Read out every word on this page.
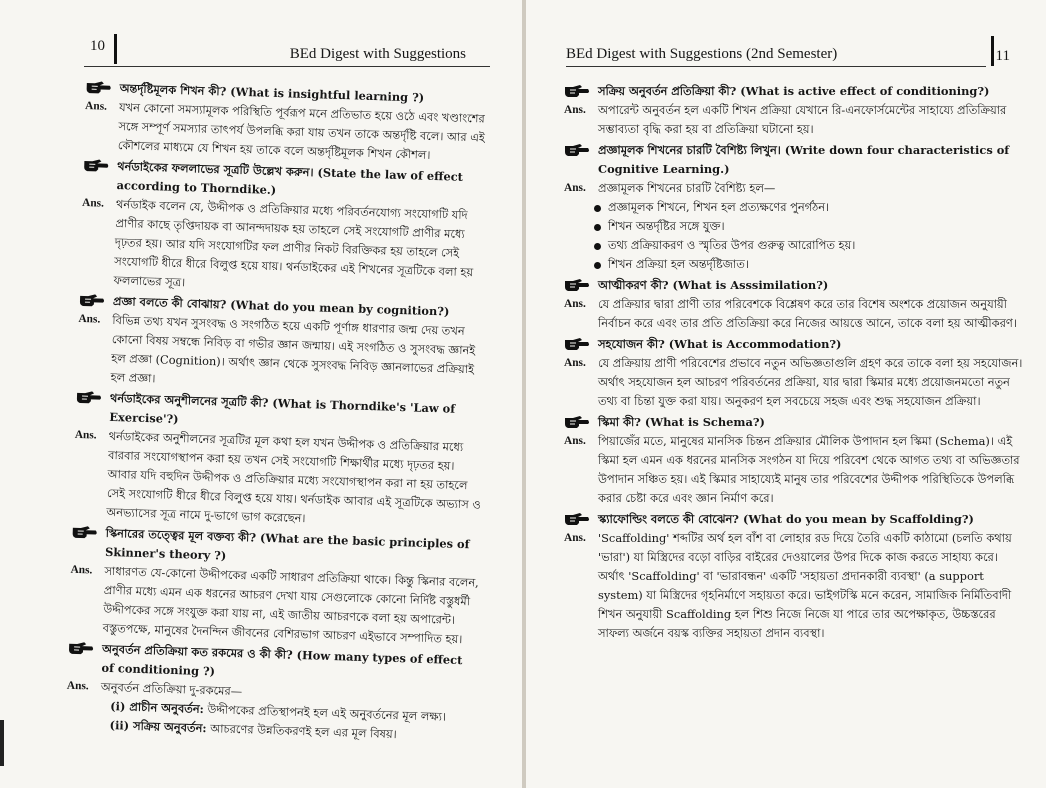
10	BEd Digest with Suggestions
অন্তর্দৃষ্টিমূলক শিখন কী? (What is insightful learning ?)
Ans. যখন কোনো সমস্যামূলক পরিস্থিতি পূর্বরূপ মনে প্রতিভাত হয়ে ওঠে এবং খণ্ডাংশের সঙ্গে সম্পূর্ণ সমস্যার তাৎপর্য উপলব্ধি করা যায় তখন তাকে অন্তর্দৃষ্টি বলে। আর এই কৌশলের মাধ্যমে যে শিখন হয় তাকে বলে অন্তর্দৃষ্টিমূলক শিখন কৌশল।
থর্নডাইকের ফললাভের সূত্রটি উল্লেখ করুন। (State the law of effect according to Thorndike.)
Ans. থর্নডাইক বলেন যে, উদ্দীপক ও প্রতিক্রিয়ার মধ্যে পরিবর্তনযোগ্য সংযোগটি যদি প্রাণীর কাছে তৃপ্তিদায়ক বা আনন্দদায়ক হয় তাহলে সেই সংযোগটি প্রাণীর মধ্যে দৃঢ়তর হয়। আর যদি সংযোগটির ফল প্রাণীর নিকট বিরক্তিকর হয় তাহলে সেই সংযোগটি ধীরে ধীরে বিলুপ্ত হয়ে যায়। থর্নডাইকের এই শিখনের সূত্রটিকে বলা হয় ফললাভের সূত্র।
প্রজ্ঞা বলতে কী বোঝায়? (What do you mean by cognition?)
Ans. বিভিন্ন তথ্য যখন সুসংবদ্ধ ও সংগঠিত হয়ে একটি পূর্ণাঙ্গ ধারণার জন্ম দেয় তখন কোনো বিষয় সম্বন্ধে নিবিড় বা গভীর জ্ঞান জন্মায়। এই সংগঠিত ও সুসংবদ্ধ জ্ঞানই হল প্রজ্ঞা (Cognition)। অর্থাৎ জ্ঞান থেকে সুসংবদ্ধ নিবিড় জ্ঞানলাভের প্রক্রিয়াই হল প্রজ্ঞা।
থর্নডাইকের অনুশীলনের সূত্রটি কী? (What is Thorndike's 'Law of Exercise'?)
Ans. থর্নডাইকের অনুশীলনের সূত্রটির মূল কথা হল যখন উদ্দীপক ও প্রতিক্রিয়ার মধ্যে বারবার সংযোগস্থাপন করা হয় তখন সেই সংযোগটি শিক্ষার্থীর মধ্যে দৃঢ়তর হয়। আবার যদি বহুদিন উদ্দীপক ও প্রতিক্রিয়ার মধ্যে সংযোগস্থাপন করা না হয় তাহলে সেই সংযোগটি ধীরে ধীরে বিলুপ্ত হয়ে যায়। থর্নডাইক আবার এই সূত্রটিকে অভ্যাস ও অনভ্যাসের সূত্র নামে দু-ভাগে ভাগ করেছেন।
স্কিনারের তত্ত্বের মূল বক্তব্য কী? (What are the basic principles of Skinner's theory ?)
Ans. সাধারণত যে-কোনো উদ্দীপকের একটি সাধারণ প্রতিক্রিয়া থাকে। কিন্তু স্কিনার বলেন, প্রাণীর মধ্যে এমন এক ধরনের আচরণ দেখা যায় সেগুলোকে কোনো নির্দিষ্ট বস্তুধর্মী উদ্দীপকের সঙ্গে সংযুক্ত করা যায় না, এই জাতীয় আচরণকে বলা হয় অপারেন্ট। বস্তুতপক্ষে, মানুষের দৈনন্দিন জীবনের বেশিরভাগ আচরণ এইভাবে সম্পাদিত হয়।
অনুবর্তন প্রতিক্রিয়া কত রকমের ও কী কী? (How many types of effect of conditioning ?)
Ans. অনুবর্তন প্রতিক্রিয়া দু-রকমের—
(i) প্রাচীন অনুবর্তন: উদ্দীপকের প্রতিস্থাপনই হল এই অনুবর্তনের মূল লক্ষ্য।
(ii) সক্রিয় অনুবর্তন: আচরণের উন্নতিকরণই হল এর মূল বিষয়।
BEd Digest with Suggestions (2nd Semester)	11
সক্রিয় অনুবর্তন প্রতিক্রিয়া কী? (What is active effect of conditioning?)
Ans. অপারেন্ট অনুবর্তন হল একটি শিখন প্রক্রিয়া যেখানে রি-এনফোর্সমেন্টের সাহায্যে প্রতিক্রিয়ার সম্ভাব্যতা বৃদ্ধি করা হয় বা প্রতিক্রিয়া ঘটানো হয়।
প্রজ্ঞামূলক শিখনের চারটি বৈশিষ্ট্য লিখুন। (Write down four characteristics of Cognitive Learning.)
Ans. প্রজ্ঞামূলক শিখনের চারটি বৈশিষ্ট্য হল—
প্রজ্ঞামূলক শিখনে, শিখন হল প্রত্যক্ষণের পুনর্গঠন।
শিখন অন্তর্দৃষ্টির সঙ্গে যুক্ত।
তথ্য প্রক্রিয়াকরণ ও স্মৃতির উপর গুরুত্ব আরোপিত হয়।
শিখন প্রক্রিয়া হল অন্তর্দৃষ্টিজাত।
আত্মীকরণ কী? (What is Asssimilation?)
Ans. যে প্রক্রিয়ার দ্বারা প্রাণী তার পরিবেশকে বিশ্লেষণ করে তার বিশেষ অংশকে প্রয়োজন অনুযায়ী নির্বাচন করে এবং তার প্রতি প্রতিক্রিয়া করে নিজের আয়ত্তে আনে, তাকে বলা হয় আত্মীকরণ।
সহযোজন কী? (What is Accommodation?)
Ans. যে প্রক্রিয়ায় প্রাণী পরিবেশের প্রভাবে নতুন অভিজ্ঞতাগুলি গ্রহণ করে তাকে বলা হয় সহযোজন। অর্থাৎ সহযোজন হল আচরণ পরিবর্তনের প্রক্রিয়া, যার দ্বারা স্কিমার মধ্যে প্রয়োজনমতো নতুন তথ্য বা চিন্তা যুক্ত করা যায়। অনুকরণ হল সবচেয়ে সহজ এবং শুদ্ধ সহযোজন প্রক্রিয়া।
স্কিমা কী? (What is Schema?)
Ans. পিয়াজেঁর মতে, মানুষের মানসিক চিন্তন প্রক্রিয়ার মৌলিক উপাদান হল স্কিমা (Schema)। এই স্কিমা হল এমন এক ধরনের মানসিক সংগঠন যা দিয়ে পরিবেশ থেকে আগত তথ্য বা অভিজ্ঞতার উপাদান সঞ্চিত হয়। এই স্কিমার সাহায্যেই মানুষ তার পরিবেশের উদ্দীপক পরিস্থিতিকে উপলব্ধি করার চেষ্টা করে এবং জ্ঞান নির্মাণ করে।
স্ক্যাফোল্ডিং বলতে কী বোঝেন? (What do you mean by Scaffolding?)
Ans. 'Scaffolding' শব্দটির অর্থ হল বাঁশ বা লোহার রড দিয়ে তৈরি একটি কাঠামো (চলতি কথায় 'ভারা') যা মিস্ত্রিদের বড়ো বাড়ির বাইরের দেওয়ালের উপর দিকে কাজ করতে সাহায্য করে। অর্থাৎ 'Scaffolding' বা 'ভারাবন্ধন' একটি 'সহায়তা প্রদানকারী ব্যবস্থা' (a support system) যা মিস্ত্রিদের গৃহনির্মাণে সহায়তা করে। ভাইগটস্কি মনে করেন, সামাজিক নির্মিতিবাদী শিখন অনুযায়ী Scaffolding হল শিশু নিজে নিজে যা পারে তার অপেক্ষাকৃত, উচ্চস্তরের সাফল্য অর্জনে বয়স্ক ব্যক্তির সহায়তা প্রদান ব্যবস্থা।
